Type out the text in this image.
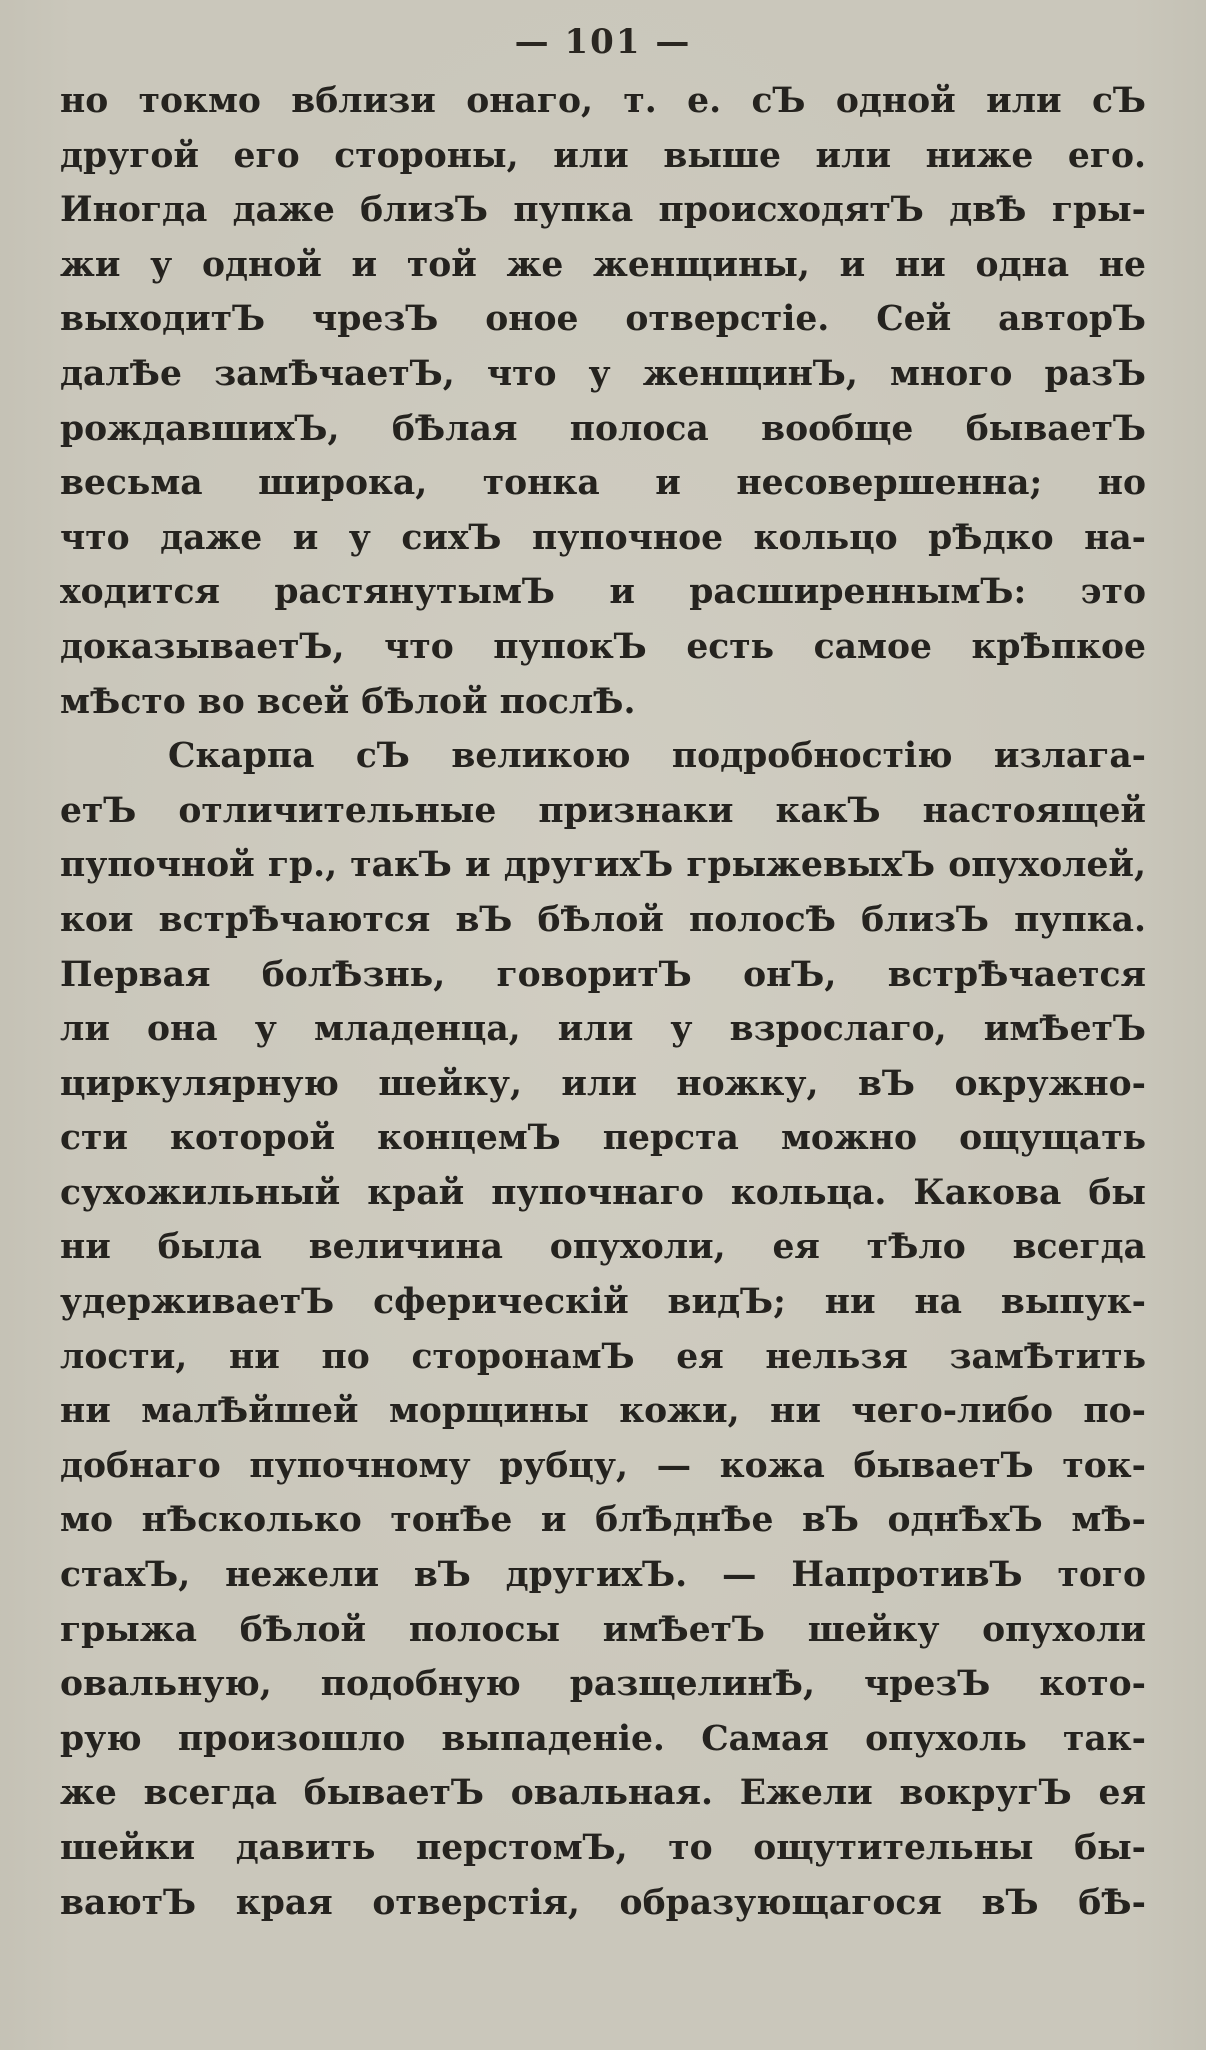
— 101 —
но токмо вблизи онаго, т. е. сЪ одной или сЪ
другой его стороны, или выше или ниже его.
Иногда даже близЪ пупка происходятЪ двѢ гры-
жи у одной и той же женщины, и ни одна не
выходитЪ чрезЪ оное отверстіе. Сей авторЪ
далѢе замѢчаетЪ, что у женщинЪ, много разЪ
рождавшихЪ, бѢлая полоса вообще бываетЪ
весьма широка, тонка и несовершенна; но
что даже и у сихЪ пупочное кольцо рѢдко на-
ходится растянутымЪ и расширеннымЪ: это
доказываетЪ, что пупокЪ есть самое крѢпкое
мѢсто во всей бѢлой послѢ.
Скарпа сЪ великою подробностію излага-
етЪ отличительные признаки какЪ настоящей
пупочной гр., такЪ и другихЪ грыжевыхЪ опухолей,
кои встрѢчаются вЪ бѢлой полосѢ близЪ пупка.
Первая болѢзнь, говоритЪ онЪ, встрѢчается
ли она у младенца, или у взрослаго, имѢетЪ
циркулярную шейку, или ножку, вЪ окружно-
сти которой концемЪ перста можно ощущать
сухожильный край пупочнаго кольца. Какова бы
ни была величина опухоли, ея тѢло всегда
удерживаетЪ сферическій видЪ; ни на выпук-
лости, ни по сторонамЪ ея нельзя замѢтить
ни малѢйшей морщины кожи, ни чего-либо по-
добнаго пупочному рубцу, — кожа бываетЪ ток-
мо нѢсколько тонѢе и блѢднѢе вЪ однѢхЪ мѢ-
стахЪ, нежели вЪ другихЪ. — НапротивЪ того
грыжа бѢлой полосы имѢетЪ шейку опухоли
овальную, подобную разщелинѢ, чрезЪ кото-
рую произошло выпаденіе. Самая опухоль так-
же всегда бываетЪ овальная. Ежели вокругЪ ея
шейки давить перстомЪ, то ощутительны бы-
ваютЪ края отверстія, образующагося вЪ бѢ-
